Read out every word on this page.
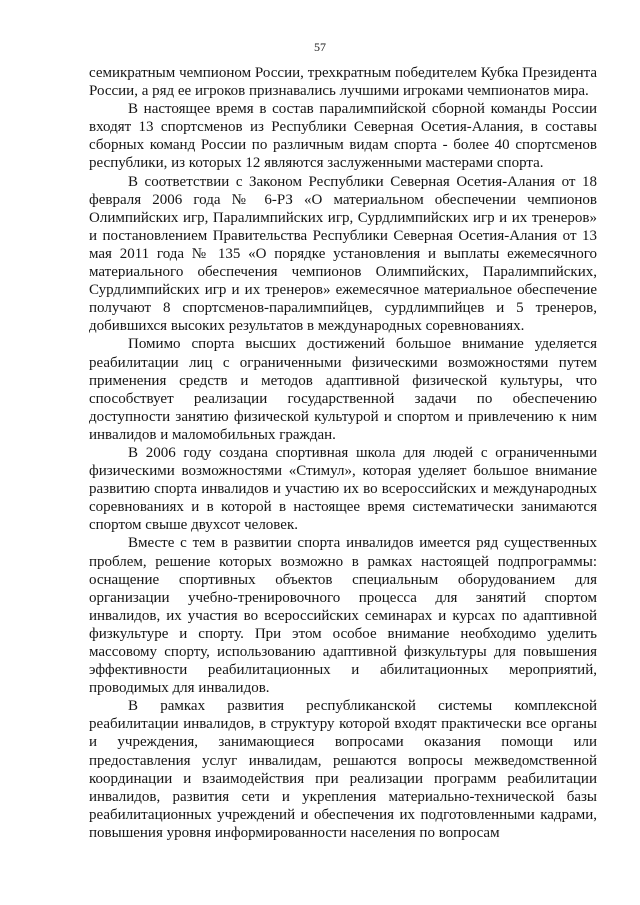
57

семикратным чемпионом России, трехкратным победителем Кубка Президента России, а ряд ее игроков признавались лучшими игроками чемпионатов мира.

В настоящее время в состав паралимпийской сборной команды России входят 13 спортсменов из Республики Северная Осетия-Алания, в составы сборных команд России по различным видам спорта - более 40 спортсменов республики, из которых 12 являются заслуженными мастерами спорта.

В соответствии с Законом Республики Северная Осетия-Алания от 18 февраля 2006 года № 6-РЗ «О материальном обеспечении чемпионов Олимпийских игр, Паралимпийских игр, Сурдлимпийских игр и их тренеров» и постановлением Правительства Республики Северная Осетия-Алания от 13 мая 2011 года № 135 «О порядке установления и выплаты ежемесячного материального обеспечения чемпионов Олимпийских, Паралимпийских, Сурдлимпийских игр и их тренеров» ежемесячное материальное обеспечение получают 8 спортсменов-паралимпийцев, сурдлимпийцев и 5 тренеров, добившихся высоких результатов в международных соревнованиях.

Помимо спорта высших достижений большое внимание уделяется реабилитации лиц с ограниченными физическими возможностями путем применения средств и методов адаптивной физической культуры, что способствует реализации государственной задачи по обеспечению доступности занятию физической культурой и спортом и привлечению к ним инвалидов и маломобильных граждан.

В 2006 году создана спортивная школа для людей с ограниченными физическими возможностями «Стимул», которая уделяет большое внимание развитию спорта инвалидов и участию их во всероссийских и международных соревнованиях и в которой в настоящее время систематически занимаются спортом свыше двухсот человек.

Вместе с тем в развитии спорта инвалидов имеется ряд существенных проблем, решение которых возможно в рамках настоящей подпрограммы: оснащение спортивных объектов специальным оборудованием для организации учебно-тренировочного процесса для занятий спортом инвалидов, их участия во всероссийских семинарах и курсах по адаптивной физкультуре и спорту. При этом особое внимание необходимо уделить массовому спорту, использованию адаптивной физкультуры для повышения эффективности реабилитационных и абилитационных мероприятий, проводимых для инвалидов.

В рамках развития республиканской системы комплексной реабилитации инвалидов, в структуру которой входят практически все органы и учреждения, занимающиеся вопросами оказания помощи или предоставления услуг инвалидам, решаются вопросы межведомственной координации и взаимодействия при реализации программ реабилитации инвалидов, развития сети и укрепления материально-технической базы реабилитационных учреждений и обеспечения их подготовленными кадрами, повышения уровня информированности населения по вопросам
